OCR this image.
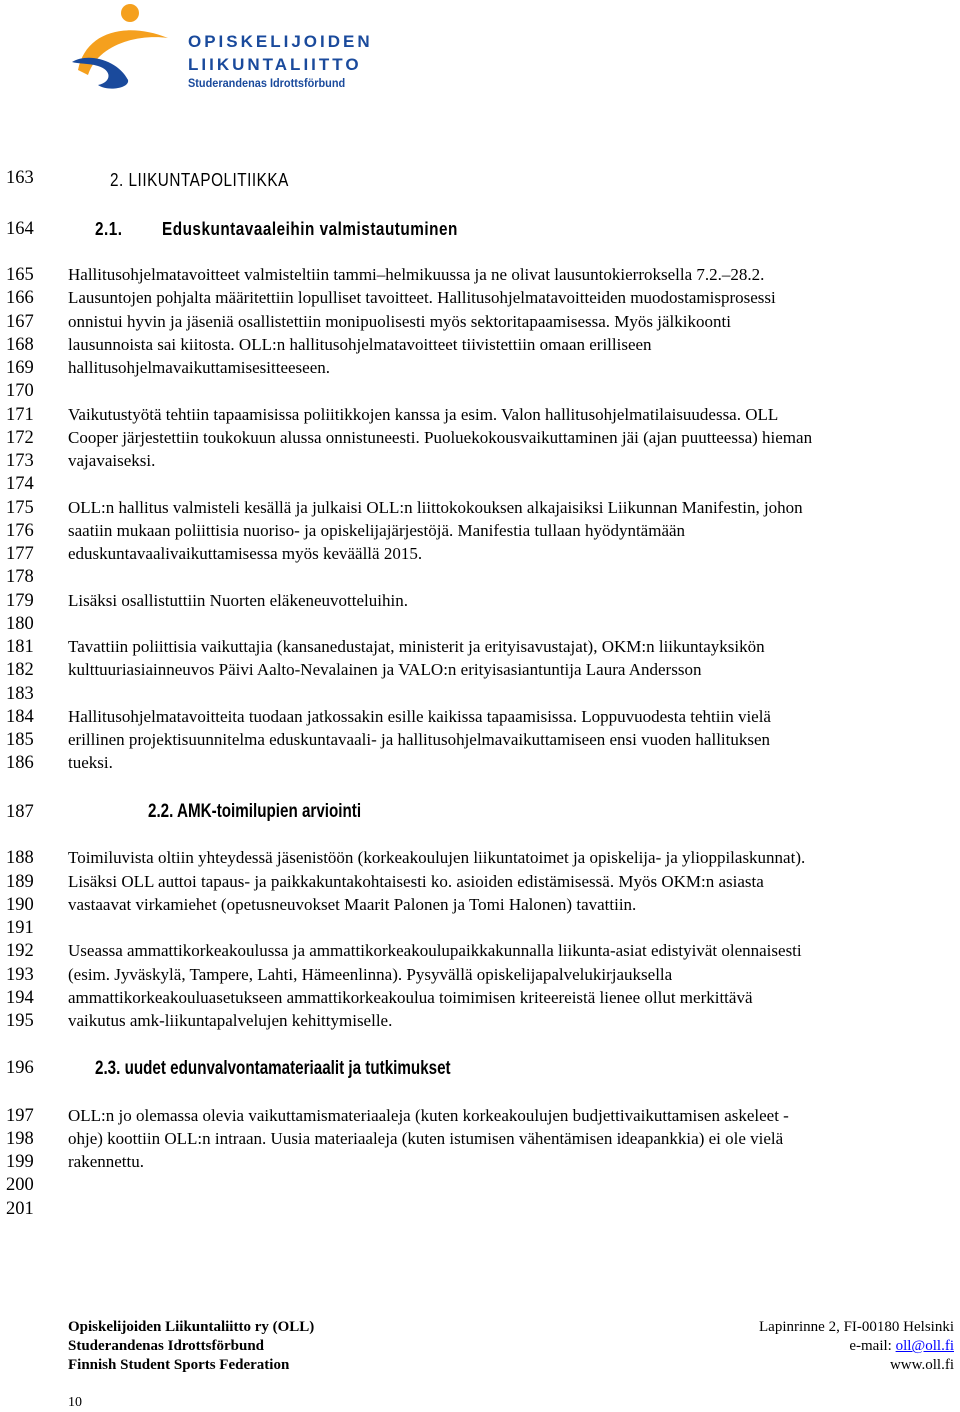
OPISKELIJOIDEN
LIIKUNTALIITTO
Studerandenas Idrottsförbund
163
164
165
166
167
168
169
170
171
172
173
174
175
176
177
178
179
180
181
182
183
184
185
186
187
188
189
190
191
192
193
194
195
196
197
198
199
200
201
2. LIIKUNTAPOLITIIKKA
2.1. Eduskuntavaaleihin valmistautuminen
2.2. AMK-toimilupien arviointi
2.3. uudet edunvalvontamateriaalit ja tutkimukset
Hallitusohjelmatavoitteet valmisteltiin tammi–helmikuussa ja ne olivat lausuntokierroksella 7.2.–28.2.
Lausuntojen pohjalta määritettiin lopulliset tavoitteet. Hallitusohjelmatavoitteiden muodostamisprosessi
onnistui hyvin ja jäseniä osallistettiin monipuolisesti myös sektoritapaamisessa. Myös jälkikoonti
lausunnoista sai kiitosta. OLL:n hallitusohjelmatavoitteet tiivistettiin omaan erilliseen
hallitusohjelmavaikuttamisesitteeseen.
Vaikutustyötä tehtiin tapaamisissa poliitikkojen kanssa ja esim. Valon hallitusohjelmatilaisuudessa. OLL
Cooper järjestettiin toukokuun alussa onnistuneesti. Puoluekokousvaikuttaminen jäi (ajan puutteessa) hieman
vajavaiseksi.
OLL:n hallitus valmisteli kesällä ja julkaisi OLL:n liittokokouksen alkajaisiksi Liikunnan Manifestin, johon
saatiin mukaan poliittisia nuoriso- ja opiskelijajärjestöjä. Manifestia tullaan hyödyntämään
eduskuntavaalivaikuttamisessa myös keväällä 2015.
Lisäksi osallistuttiin Nuorten eläkeneuvotteluihin.
Tavattiin poliittisia vaikuttajia (kansanedustajat, ministerit ja erityisavustajat), OKM:n liikuntayksikön
kulttuuriasiainneuvos Päivi Aalto-Nevalainen ja VALO:n erityisasiantuntija Laura Andersson
Hallitusohjelmatavoitteita tuodaan jatkossakin esille kaikissa tapaamisissa. Loppuvuodesta tehtiin vielä
erillinen projektisuunnitelma eduskuntavaali- ja hallitusohjelmavaikuttamiseen ensi vuoden hallituksen
tueksi.
Toimiluvista oltiin yhteydessä jäsenistöön (korkeakoulujen liikuntatoimet ja opiskelija- ja ylioppilaskunnat).
Lisäksi OLL auttoi tapaus- ja paikkakuntakohtaisesti ko. asioiden edistämisessä. Myös OKM:n asiasta
vastaavat virkamiehet (opetusneuvokset Maarit Palonen ja Tomi Halonen) tavattiin.
Useassa ammattikorkeakoulussa ja ammattikorkeakoulupaikkakunnalla liikunta-asiat edistyivät olennaisesti
(esim. Jyväskylä, Tampere, Lahti, Hämeenlinna). Pysyvällä opiskelijapalvelukirjauksella
ammattikorkeakouluasetukseen ammattikorkeakoulua toimimisen kriteereistä lienee ollut merkittävä
vaikutus amk-liikuntapalvelujen kehittymiselle.
OLL:n jo olemassa olevia vaikuttamismateriaaleja (kuten korkeakoulujen budjettivaikuttamisen askeleet -
ohje) koottiin OLL:n intraan. Uusia materiaaleja (kuten istumisen vähentämisen ideapankkia) ei ole vielä
rakennettu.
Opiskelijoiden Liikuntaliitto ry (OLL)
Studerandenas Idrottsförbund
Finnish Student Sports Federation
Lapinrinne 2, FI-00180 Helsinki
e-mail: oll@oll.fi
www.oll.fi
10
